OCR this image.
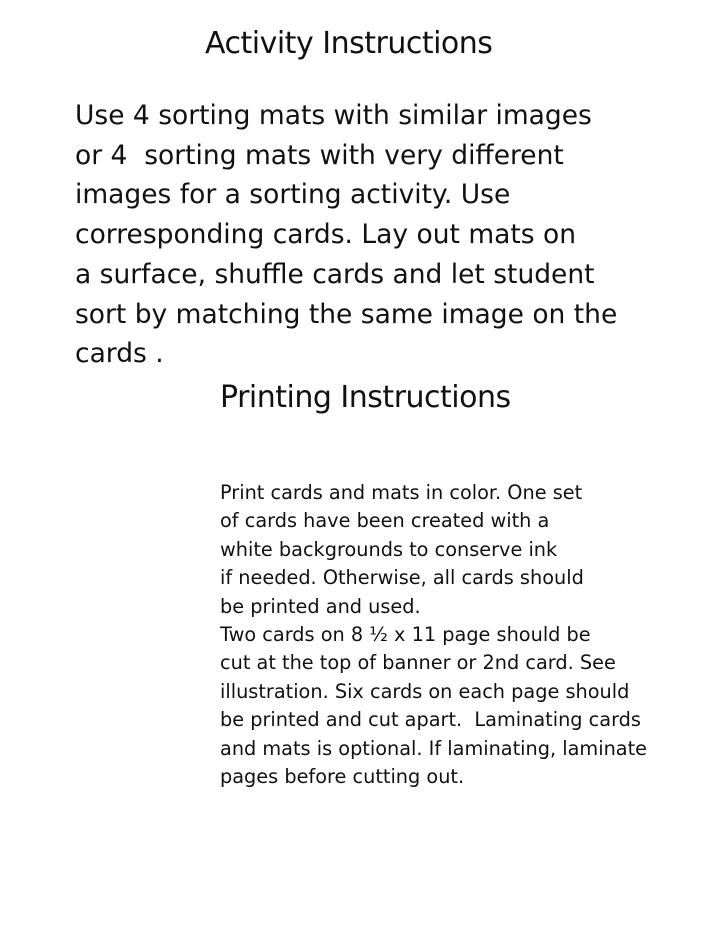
Activity Instructions
Use 4 sorting mats with similar images
or 4  sorting mats with very different
images for a sorting activity. Use
corresponding cards. Lay out mats on
a surface, shuffle cards and let student
sort by matching the same image on the
cards .
Printing Instructions
Print cards and mats in color. One set
of cards have been created with a
white backgrounds to conserve ink
if needed. Otherwise, all cards should
be printed and used.
Two cards on 8 ½ x 11 page should be
cut at the top of banner or 2nd card. See
illustration. Six cards on each page should
be printed and cut apart.  Laminating cards
and mats is optional. If laminating, laminate
pages before cutting out.
